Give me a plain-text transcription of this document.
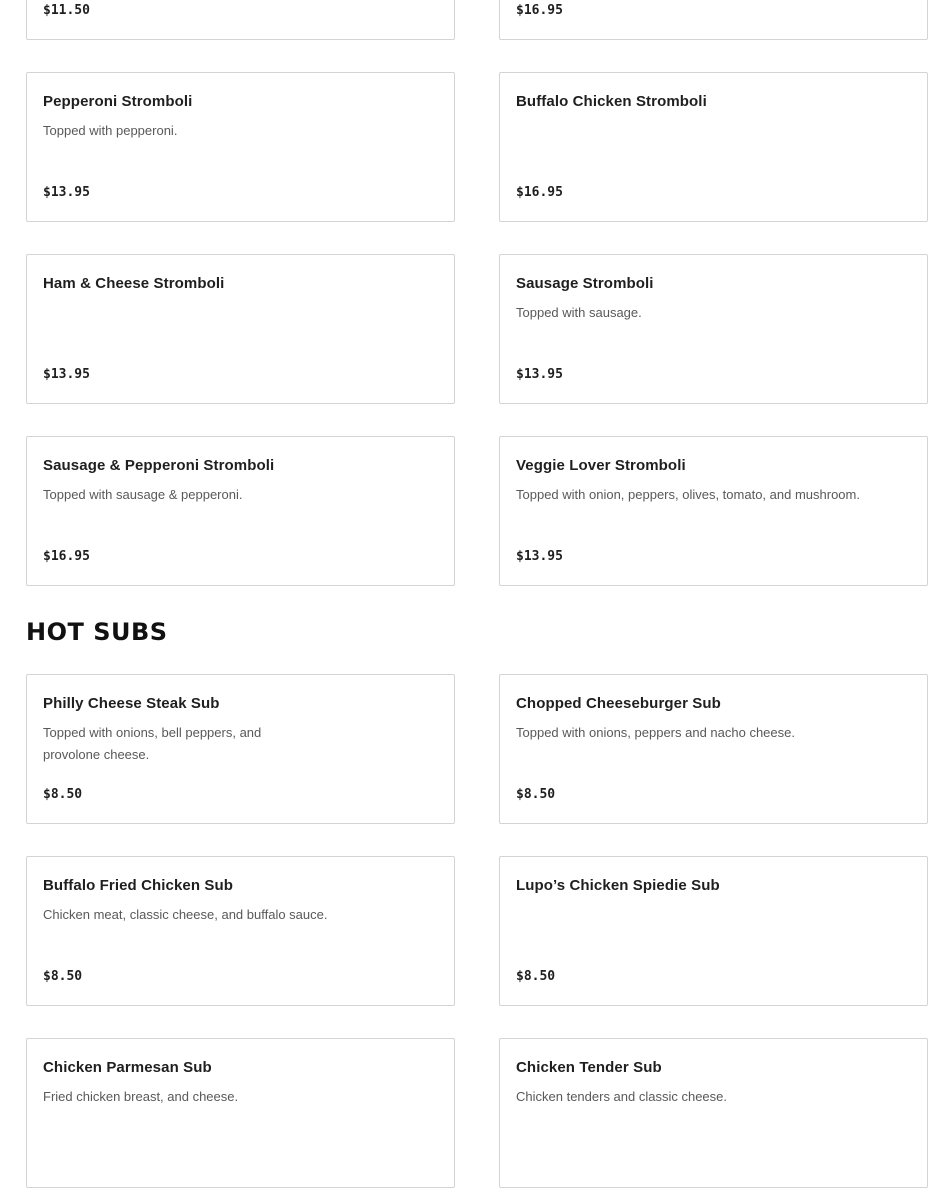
$11.50	$16.95
Pepperoni Stromboli
Topped with pepperoni.
$13.95
Buffalo Chicken Stromboli
$16.95
Ham & Cheese Stromboli
$13.95
Sausage Stromboli
Topped with sausage.
$13.95
Sausage & Pepperoni Stromboli
Topped with sausage & pepperoni.
$16.95
Veggie Lover Stromboli
Topped with onion, peppers, olives, tomato, and mushroom.
$13.95
HOT SUBS
Philly Cheese Steak Sub
Topped with onions, bell peppers, and provolone cheese.
$8.50
Chopped Cheeseburger Sub
Topped with onions, peppers and nacho cheese.
$8.50
Buffalo Fried Chicken Sub
Chicken meat, classic cheese, and buffalo sauce.
$8.50
Lupo’s Chicken Spiedie Sub
$8.50
Chicken Parmesan Sub
Fried chicken breast, and cheese.
Chicken Tender Sub
Chicken tenders and classic cheese.
